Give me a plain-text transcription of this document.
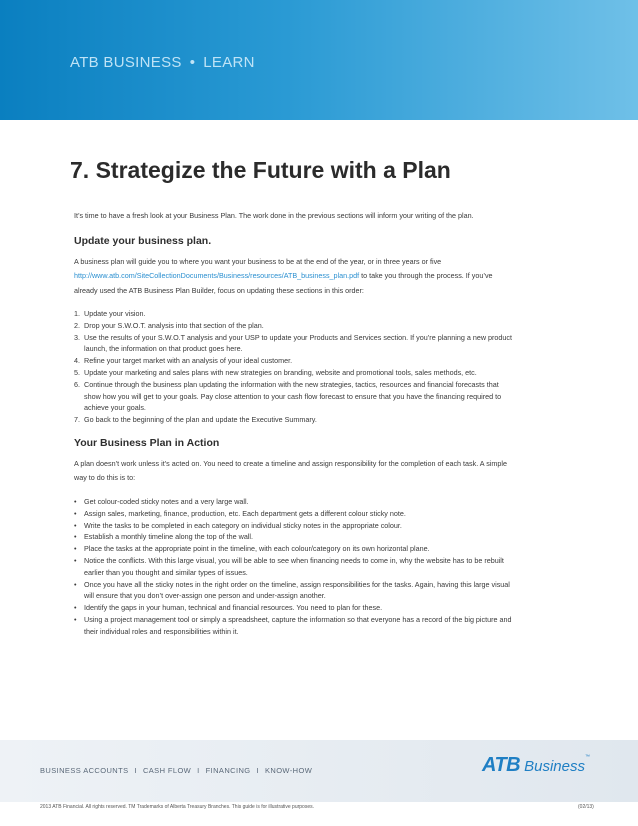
ATB BUSINESS • LEARN
7. Strategize the Future with a Plan

It’s time to have a fresh look at your Business Plan. The work done in the previous sections will inform your writing of the plan.

Update your business plan.

A business plan will guide you to where you want your business to be at the end of the year, or in three years or five http://www.atb.com/SiteCollectionDocuments/Business/resources/ATB_business_plan.pdf to take you through the process. If you’ve already used the ATB Business Plan Builder, focus on updating these sections in this order:

1. Update your vision.
2. Drop your S.W.O.T. analysis into that section of the plan.
3. Use the results of your S.W.O.T analysis and your USP to update your Products and Services section. If you’re planning a new product launch, the information on that product goes here.
4. Refine your target market with an analysis of your ideal customer.
5. Update your marketing and sales plans with new strategies on branding, website and promotional tools, sales methods, etc.
6. Continue through the business plan updating the information with the new strategies, tactics, resources and financial forecasts that show how you will get to your goals. Pay close attention to your cash flow forecast to ensure that you have the financing required to achieve your goals.
7. Go back to the beginning of the plan and update the Executive Summary.
Your Business Plan in Action

A plan doesn’t work unless it’s acted on. You need to create a timeline and assign responsibility for the completion of each task. A simple way to do this is to:

• Get colour-coded sticky notes and a very large wall.
• Assign sales, marketing, finance, production, etc. Each department gets a different colour sticky note.
• Write the tasks to be completed in each category on individual sticky notes in the appropriate colour.
• Establish a monthly timeline along the top of the wall.
• Place the tasks at the appropriate point in the timeline, with each colour/category on its own horizontal plane.
• Notice the conflicts. With this large visual, you will be able to see when financing needs to come in, why the website has to be rebuilt earlier than you thought and similar types of issues.
• Once you have all the sticky notes in the right order on the timeline, assign responsibilities for the tasks. Again, having this large visual will ensure that you don’t over-assign one person and under-assign another.
• Identify the gaps in your human, technical and financial resources. You need to plan for these.
• Using a project management tool or simply a spreadsheet, capture the information so that everyone has a record of the big picture and their individual roles and responsibilities within it.
BUSINESS ACCOUNTS I CASH FLOW I FINANCING I KNOW-HOW	ATB Business™
2013 ATB Financial. All rights reserved. TM Trademarks of Alberta Treasury Branches. This guide is for illustrative purposes.	(02/13)
